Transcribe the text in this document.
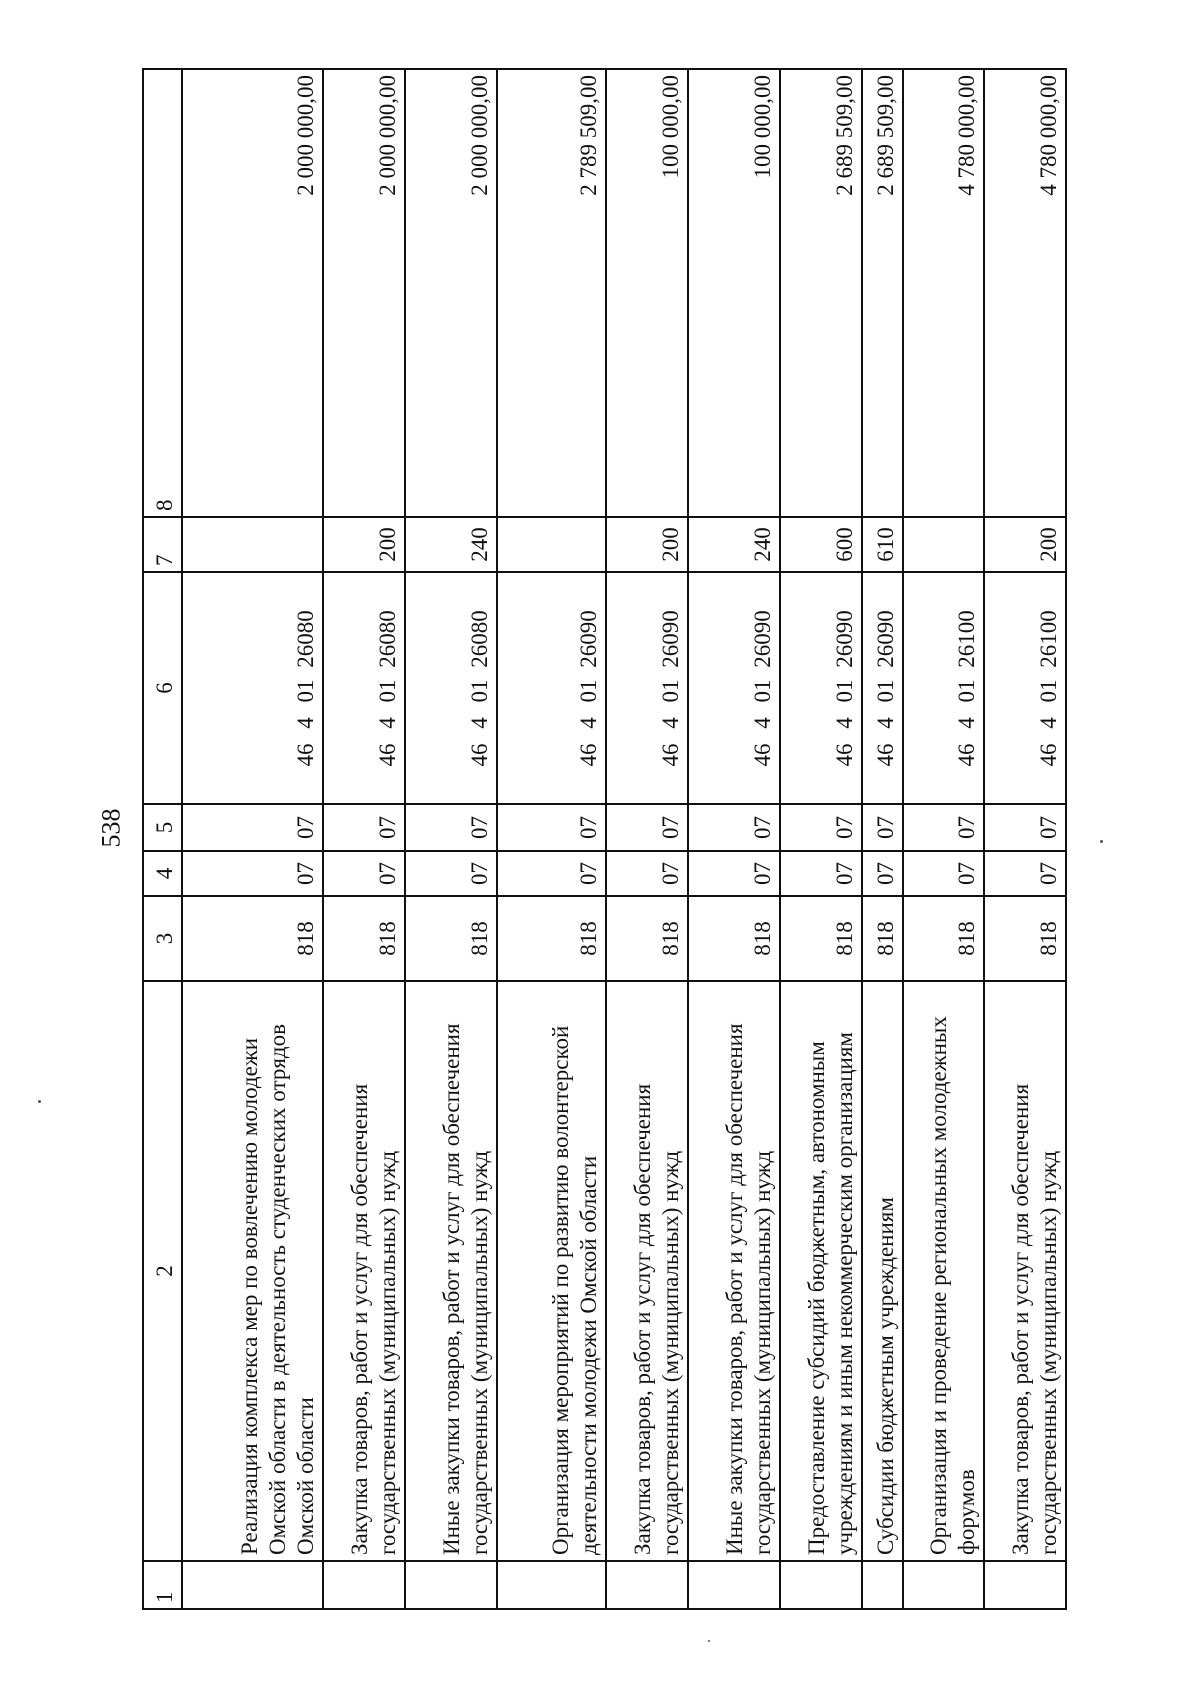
538
1	2	3	4	5	6	7	8
	Реализация комплекса мер по вовлечению молодежи Омской области в деятельность студенческих отрядов Омской области	818	07	07	4640126080		2 000 000,00
	Закупка товаров, работ и услуг для обеспечения государственных (муниципальных) нужд	818	07	07	4640126080	200	2 000 000,00
	Иные закупки товаров, работ и услуг для обеспечения государственных (муниципальных) нужд	818	07	07	4640126080	240	2 000 000,00
	Организация мероприятий по развитию волонтерской деятельности молодежи Омской области	818	07	07	4640126090		2 789 509,00
	Закупка товаров, работ и услуг для обеспечения государственных (муниципальных) нужд	818	07	07	4640126090	200	100 000,00
	Иные закупки товаров, работ и услуг для обеспечения государственных (муниципальных) нужд	818	07	07	4640126090	240	100 000,00
	Предоставление субсидий бюджетным, автономным учреждениям и иным некоммерческим организациям	818	07	07	4640126090	600	2 689 509,00
	Субсидии бюджетным учреждениям	818	07	07	4640126090	610	2 689 509,00
	Организация и проведение региональных молодежных форумов	818	07	07	4640126100		4 780 000,00
	Закупка товаров, работ и услуг для обеспечения государственных (муниципальных) нужд	818	07	07	4640126100	200	4 780 000,00
